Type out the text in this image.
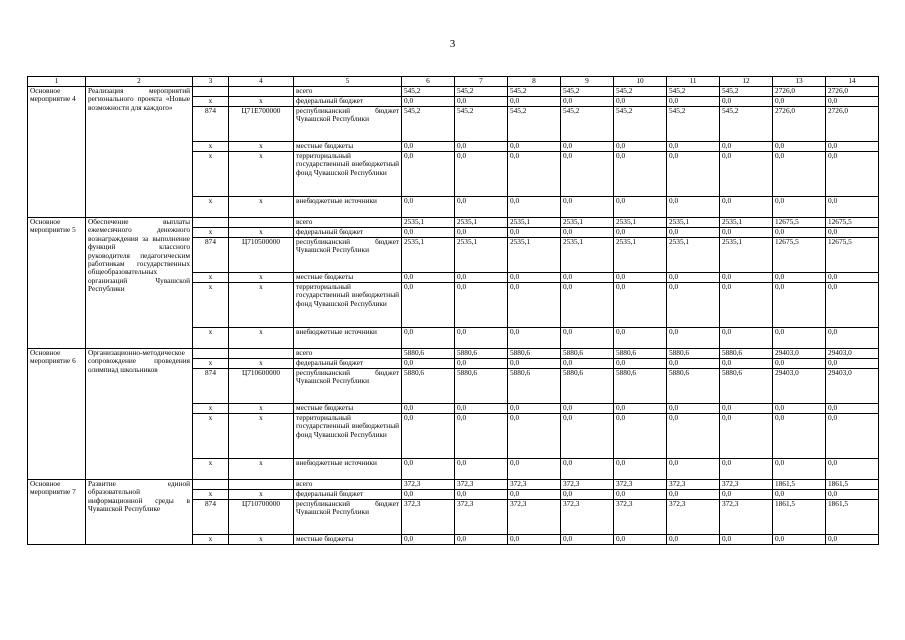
3
1	2	3	4	5	6	7	8	9	10	11	12	13	14
Основное мероприятие 4	Реализация мероприятий регионального проекта «Новые возможности для каждого»			всего	545,2	545,2	545,2	545,2	545,2	545,2	545,2	2726,0	2726,0
		х	х	федеральный бюджет	0,0	0,0	0,0	0,0	0,0	0,0	0,0	0,0	0,0
		874	Ц71Е700000	республиканский бюджет Чувашской Республики	545,2	545,2	545,2	545,2	545,2	545,2	545,2	2726,0	2726,0
		х	х	местные бюджеты	0,0	0,0	0,0	0,0	0,0	0,0	0,0	0,0	0,0
		х	х	территориальный государственный внебюджетный фонд Чувашской Республики	0,0	0,0	0,0	0,0	0,0	0,0	0,0	0,0	0,0
		х	х	внебюджетные источники	0,0	0,0	0,0	0,0	0,0	0,0	0,0	0,0	0,0
Основное мероприятие 5	Обеспечение выплаты ежемесячного денежного вознаграждения за выполнение функций классного руководителя педагогическим работникам государственных общеобразовательных организаций Чувашской Республики			всего	2535,1	2535,1	2535,1	2535,1	2535,1	2535,1	2535,1	12675,5	12675,5
		х	х	федеральный бюджет	0,0	0,0	0,0	0,0	0,0	0,0	0,0	0,0	0,0
		874	Ц710500000	республиканский бюджет Чувашской Республики	2535,1	2535,1	2535,1	2535,1	2535,1	2535,1	2535,1	12675,5	12675,5
		х	х	местные бюджеты	0,0	0,0	0,0	0,0	0,0	0,0	0,0	0,0	0,0
		х	х	территориальный государственный внебюджетный фонд Чувашской Республики	0,0	0,0	0,0	0,0	0,0	0,0	0,0	0,0	0,0
		х	х	внебюджетные источники	0,0	0,0	0,0	0,0	0,0	0,0	0,0	0,0	0,0
Основное мероприятие 6	Организационно-методическое сопровождение проведения олимпиад школьников			всего	5880,6	5880,6	5880,6	5880,6	5880,6	5880,6	5880,6	29403,0	29403,0
		х	х	федеральный бюджет	0,0	0,0	0,0	0,0	0,0	0,0	0,0	0,0	0,0
		874	Ц710600000	республиканский бюджет Чувашской Республики	5880,6	5880,6	5880,6	5880,6	5880,6	5880,6	5880,6	29403,0	29403,0
		х	х	местные бюджеты	0,0	0,0	0,0	0,0	0,0	0,0	0,0	0,0	0,0
		х	х	территориальный государственный внебюджетный фонд Чувашской Республики	0,0	0,0	0,0	0,0	0,0	0,0	0,0	0,0	0,0
		х	х	внебюджетные источники	0,0	0,0	0,0	0,0	0,0	0,0	0,0	0,0	0,0
Основное мероприятие 7	Развитие единой образовательной информационной среды в Чувашской Республике			всего	372,3	372,3	372,3	372,3	372,3	372,3	372,3	1861,5	1861,5
		х	х	федеральный бюджет	0,0	0,0	0,0	0,0	0,0	0,0	0,0	0,0	0,0
		874	Ц710700000	республиканский бюджет Чувашской Республики	372,3	372,3	372,3	372,3	372,3	372,3	372,3	1861,5	1861,5
		х	х	местные бюджеты	0,0	0,0	0,0	0,0	0,0	0,0	0,0	0,0	0,0
